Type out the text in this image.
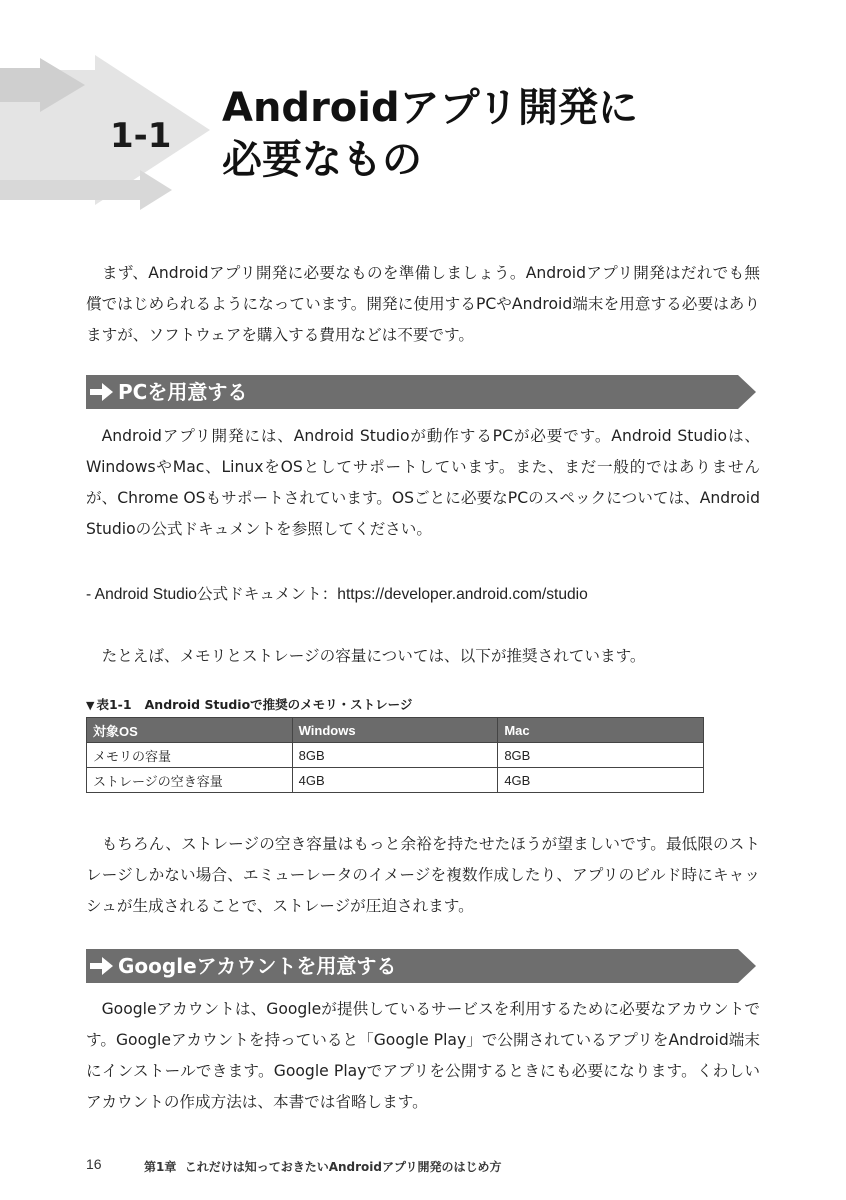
1-1
Androidアプリ開発に
必要なもの

まず、Androidアプリ開発に必要なものを準備しましょう。Androidアプリ開発はだれでも無償ではじめられるようになっています。開発に使用するPCやAndroid端末を用意する必要はありますが、ソフトウェアを購入する費用などは不要です。

PCを用意する

Androidアプリ開発には、Android Studioが動作するPCが必要です。Android Studioは、WindowsやMac、LinuxをOSとしてサポートしています。また、まだ一般的ではありませんが、Chrome OSもサポートされています。OSごとに必要なPCのスペックについては、Android Studioの公式ドキュメントを参照してください。

- Android Studio公式ドキュメント：https://developer.android.com/studio

たとえば、メモリとストレージの容量については、以下が推奨されています。

▼ 表1-1 Android Studioで推奨のメモリ・ストレージ
対象OS	Windows	Mac
メモリの容量	8GB	8GB
ストレージの空き容量	4GB	4GB

もちろん、ストレージの空き容量はもっと余裕を持たせたほうが望ましいです。最低限のストレージしかない場合、エミューレータのイメージを複数作成したり、アプリのビルド時にキャッシュが生成されることで、ストレージが圧迫されます。

Googleアカウントを用意する

Googleアカウントは、Googleが提供しているサービスを利用するために必要なアカウントです。Googleアカウントを持っていると「Google Play」で公開されているアプリをAndroid端末にインストールできます。Google Playでアプリを公開するときにも必要になります。くわしいアカウントの作成方法は、本書では省略します。

16	第1章 これだけは知っておきたいAndroidアプリ開発のはじめ方
